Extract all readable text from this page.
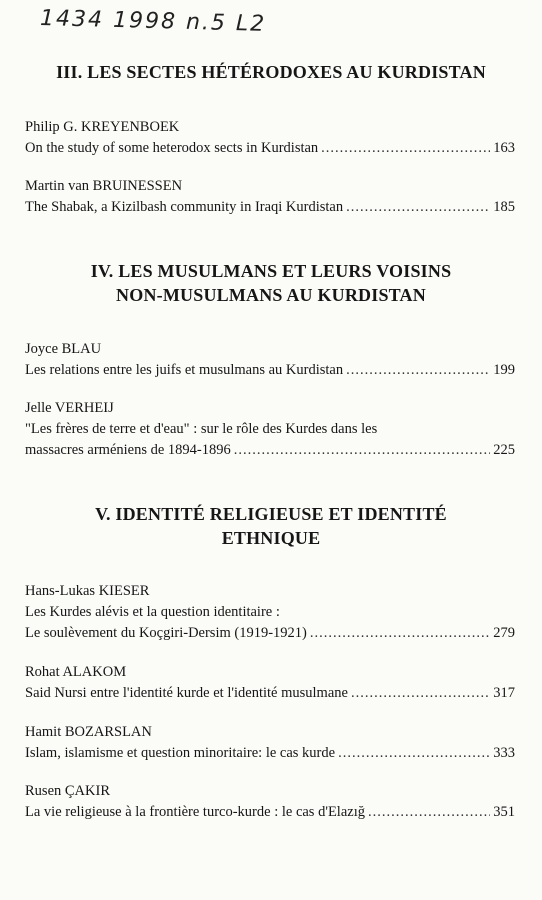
1434 1998 n.5 L2
III. LES SECTES HÉTÉRODOXES AU KURDISTAN
Philip G. KREYENBOEK
On the study of some heterodox sects in Kurdistan .....	163
Martin van BRUINESSEN
The Shabak, a Kizilbash community in Iraqi Kurdistan .....	185
IV. LES MUSULMANS ET LEURS VOISINS
NON-MUSULMANS AU KURDISTAN
Joyce BLAU
Les relations entre les juifs et musulmans au Kurdistan .....	199
Jelle VERHEIJ
"Les frères de terre et d'eau" : sur le rôle des Kurdes dans les
massacres arméniens de 1894-1896 .....	225
V. IDENTITÉ RELIGIEUSE ET IDENTITÉ
ETHNIQUE
Hans-Lukas KIESER
Les Kurdes alévis et la question identitaire :
Le soulèvement du Koçgiri-Dersim (1919-1921) .....	279
Rohat ALAKOM
Said Nursi entre l'identité kurde et l'identité musulmane .....	317
Hamit BOZARSLAN
Islam, islamisme et question minoritaire: le cas kurde .....	333
Rusen ÇAKIR
La vie religieuse à la frontière turco-kurde : le cas d'Elazığ .....	351
